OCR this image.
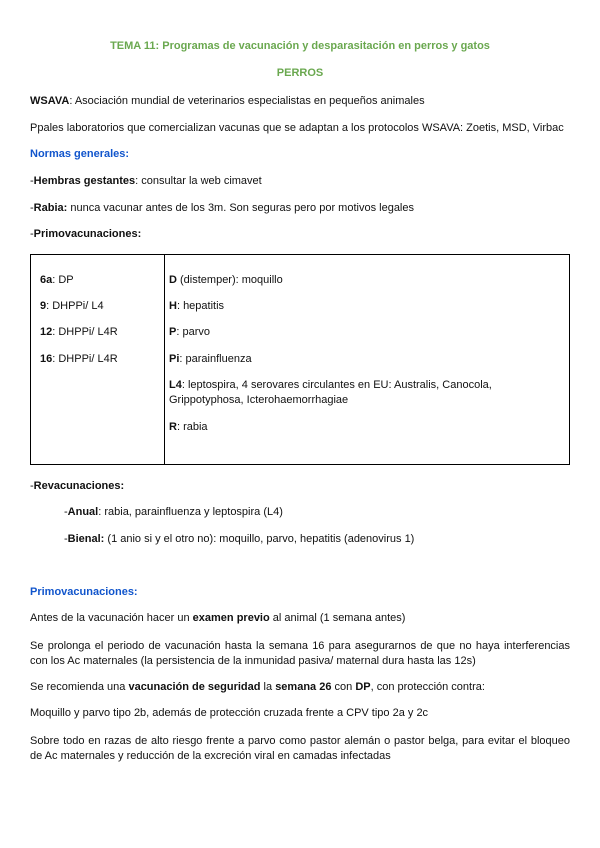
TEMA 11: Programas de vacunación y desparasitación en perros y gatos
PERROS
WSAVA: Asociación mundial de veterinarios especialistas en pequeños animales
Ppales laboratorios que comercializan vacunas que se adaptan a los protocolos WSAVA: Zoetis, MSD, Virbac
Normas generales:
-Hembras gestantes: consultar la web cimavet
-Rabia: nunca vacunar antes de los 3m. Son seguras pero por motivos legales
-Primovacunaciones:
6a: DP
9: DHPPi/ L4
12: DHPPi/ L4R
16: DHPPi/ L4R
D (distemper): moquillo
H: hepatitis
P: parvo
Pi: parainfluenza
L4: leptospira, 4 serovares circulantes en EU: Australis, Canocola, Grippotyphosa, Icterohaemorrhagiae
R: rabia
-Revacunaciones:
-Anual: rabia, parainfluenza y leptospira (L4)
-Bienal: (1 anio si y el otro no): moquillo, parvo, hepatitis (adenovirus 1)
Primovacunaciones:
Antes de la vacunación hacer un examen previo al animal (1 semana antes)
Se prolonga el periodo de vacunación hasta la semana 16 para asegurarnos de que no haya interferencias con los Ac maternales (la persistencia de la inmunidad pasiva/ maternal dura hasta las 12s)
Se recomienda una vacunación de seguridad la semana 26 con DP, con protección contra:
Moquillo y parvo tipo 2b, además de protección cruzada frente a CPV tipo 2a y 2c
Sobre todo en razas de alto riesgo frente a parvo como pastor alemán o pastor belga, para evitar el bloqueo de Ac maternales y reducción de la excreción viral en camadas infectadas
